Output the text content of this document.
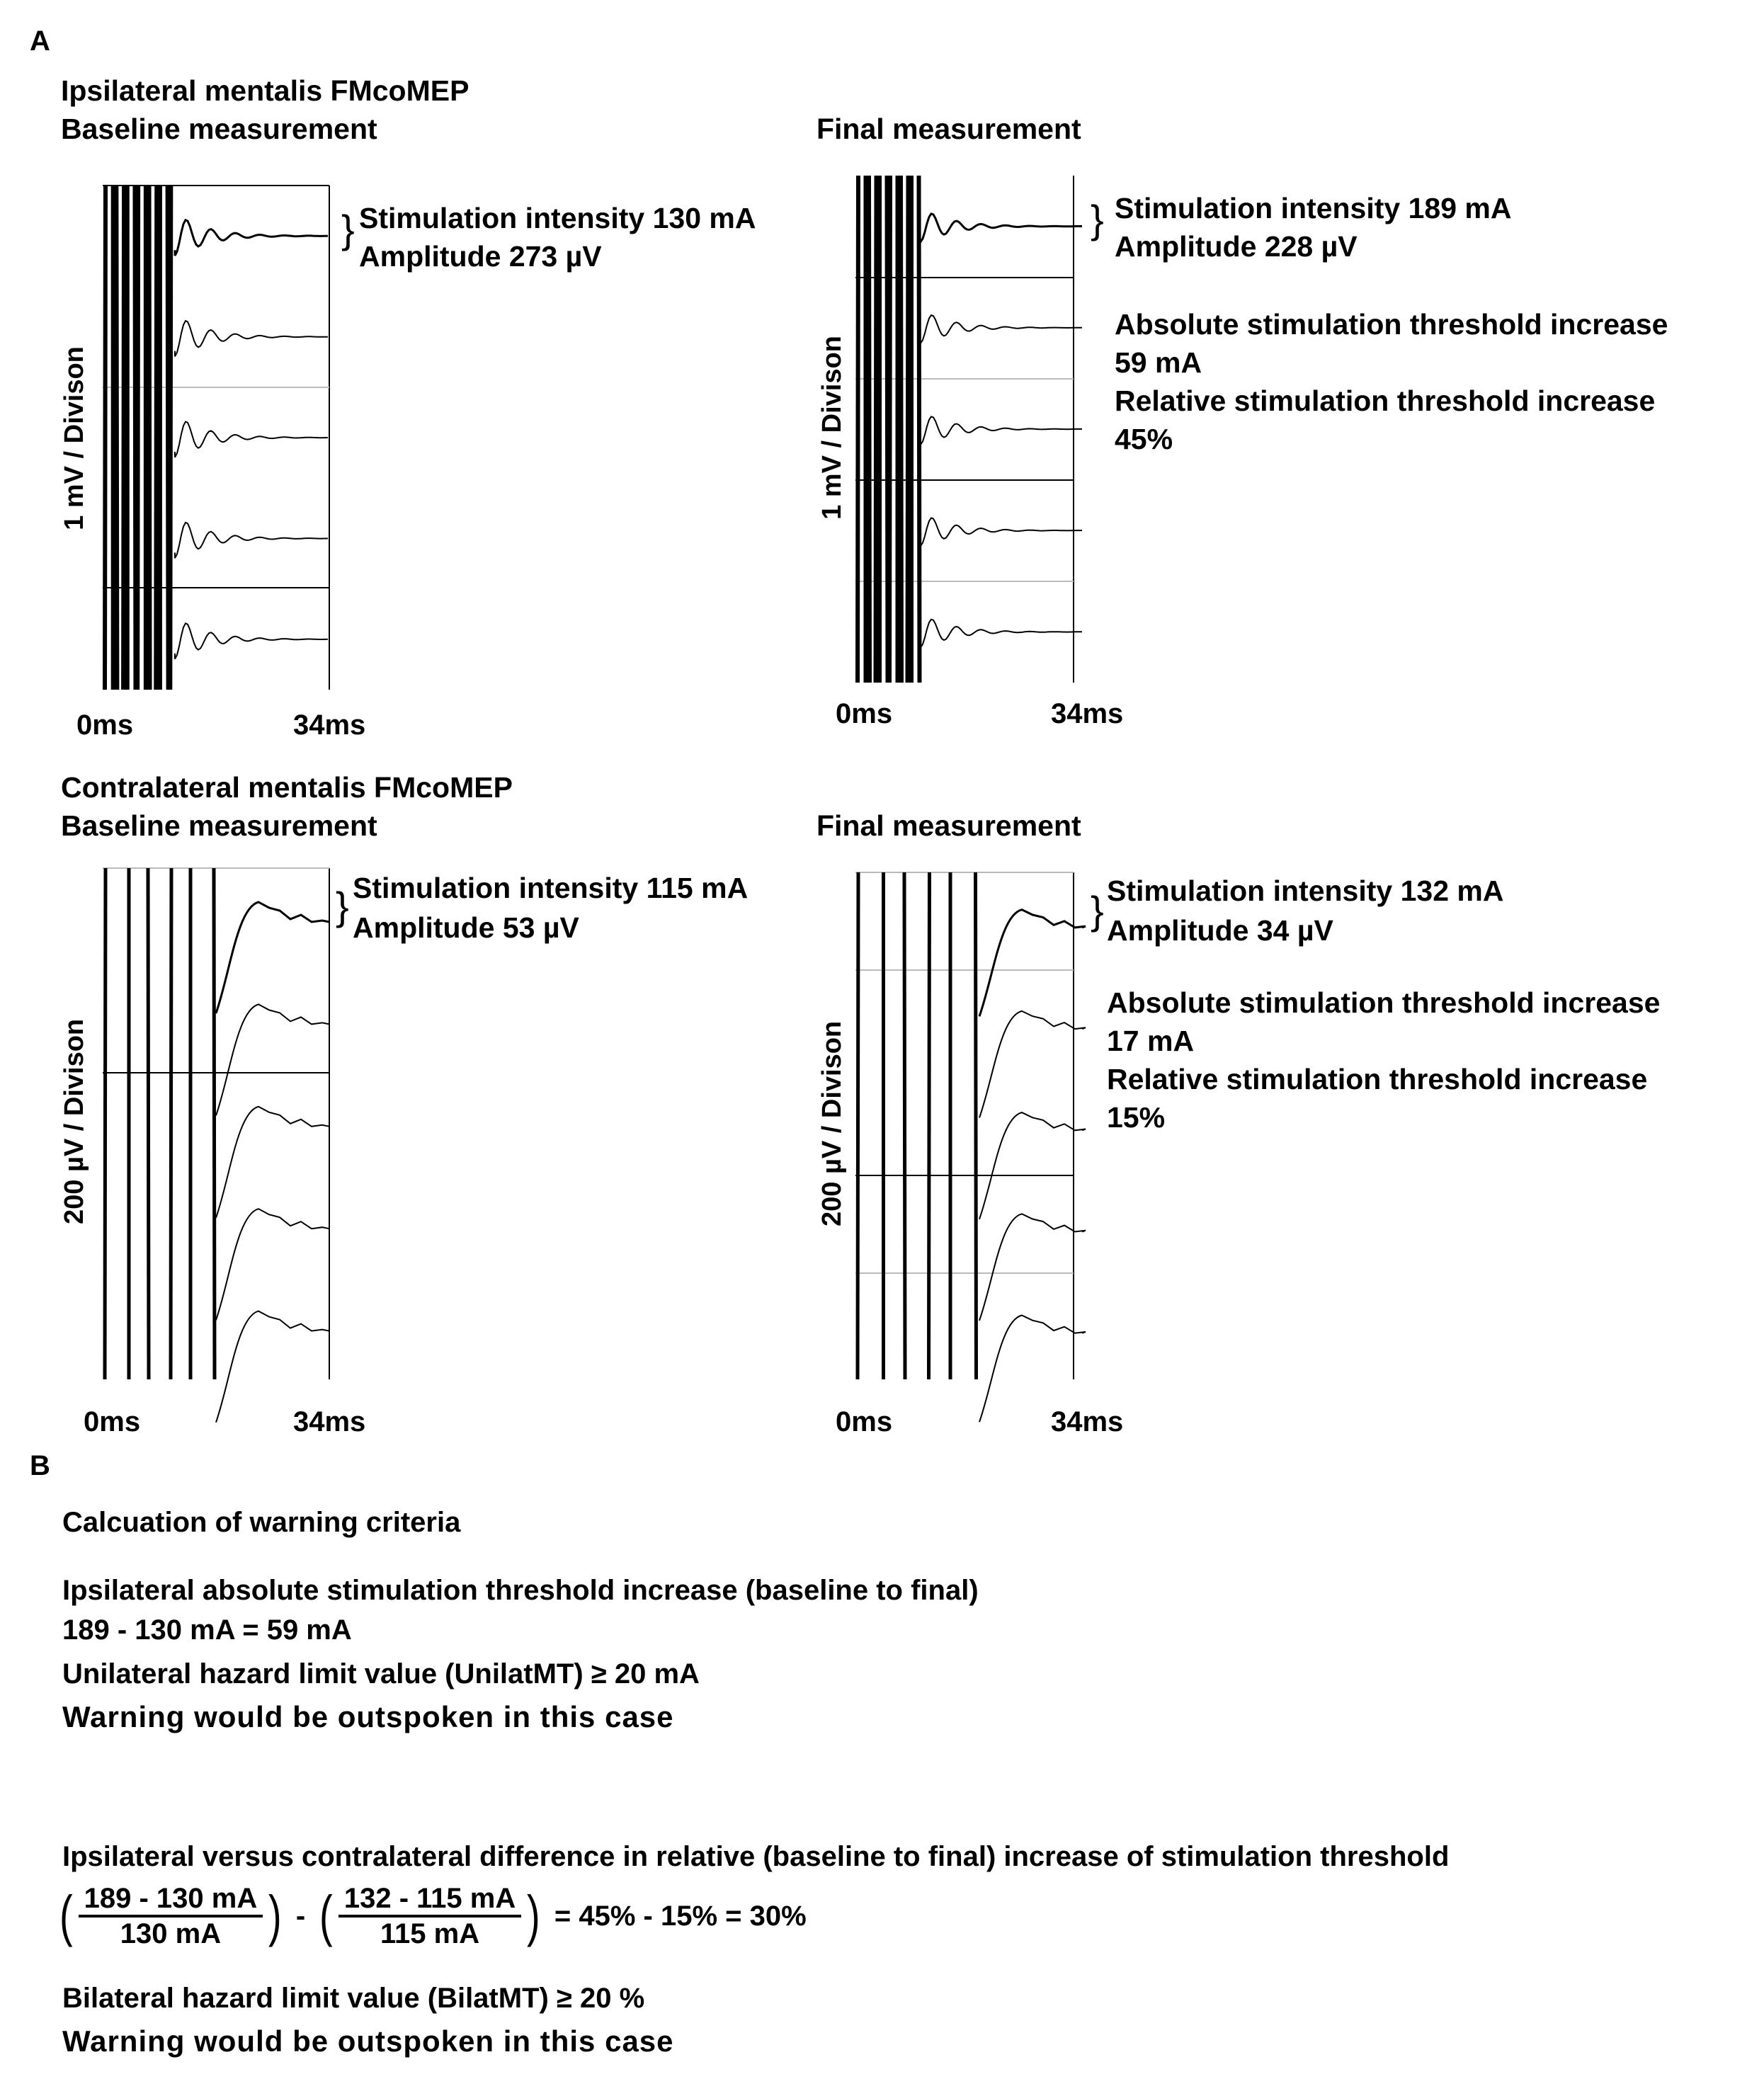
A
B
Ipsilateral mentalis FMcoMEP
Baseline measurement
1 mV / Divison
0ms	34ms
} Stimulation intensity 130 mA
Amplitude 273 µV
Final measurement
1 mV / Divison
0ms	34ms
} Stimulation intensity 189 mA
Amplitude 228 µV
Absolute stimulation threshold increase
59 mA
Relative stimulation threshold increase
45%
Contralateral mentalis FMcoMEP
Baseline measurement
200 µV / Divison
0ms	34ms
} Stimulation intensity 115 mA
Amplitude 53 µV
Final measurement
200 µV / Divison
0ms	34ms
} Stimulation intensity 132 mA
Amplitude 34 µV
Absolute stimulation threshold increase
17 mA
Relative stimulation threshold increase
15%
Calcuation of warning criteria
Ipsilateral absolute stimulation threshold increase (baseline to final)
189 - 130 mA = 59 mA
Unilateral hazard limit value (UnilatMT) ≥ 20 mA
Warning would be outspoken in this case
Ipsilateral versus contralateral difference in relative (baseline to final) increase of stimulation threshold
( $\frac{189 - 130 mA}{130 mA}$ ) - ( $\frac{132 - 115 mA}{115 mA}$ ) = 45% - 15% = 30%
Bilateral hazard limit value (BilatMT) ≥ 20 %
Warning would be outspoken in this case
